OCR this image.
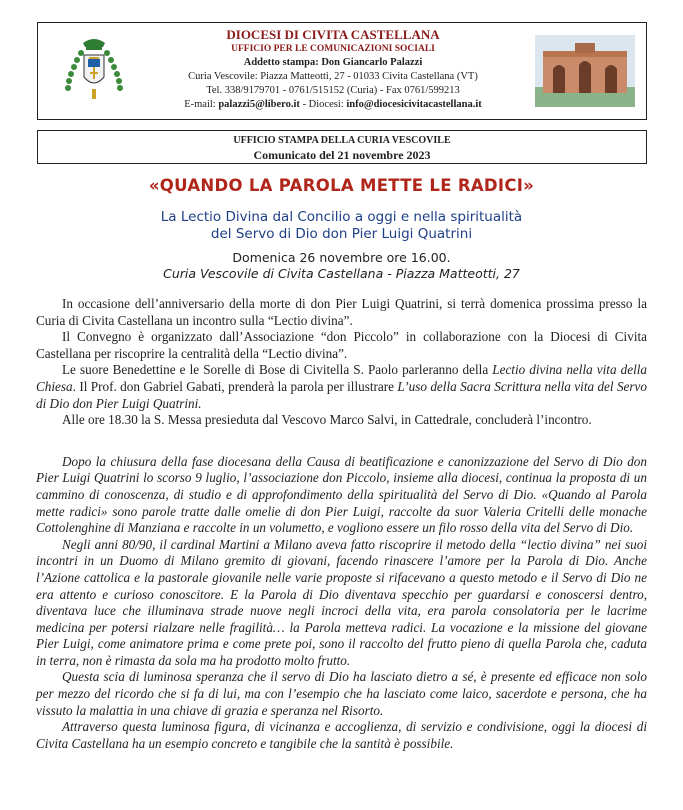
DIOCESI DI CIVITA CASTELLANA
UFFICIO PER LE COMUNICAZIONI SOCIALI
Addetto stampa: Don Giancarlo Palazzi
Curia Vescovile: Piazza Matteotti, 27 - 01033 Civita Castellana (VT)
Tel. 338/9179701 - 0761/515152 (Curia) - Fax 0761/599213
E-mail: palazzi5@libero.it - Diocesi: info@diocesicivitacastellana.it
UFFICIO STAMPA DELLA CURIA VESCOVILE
Comunicato del 21 novembre 2023
«QUANDO LA PAROLA METTE LE RADICI»
La Lectio Divina dal Concilio a oggi e nella spiritualità
del Servo di Dio don Pier Luigi Quatrini
Domenica 26 novembre ore 16.00.
Curia Vescovile di Civita Castellana - Piazza Matteotti, 27

In occasione dell’anniversario della morte di don Pier Luigi Quatrini, si terrà domenica prossima presso la Curia di Civita Castellana un incontro sulla “Lectio divina”.

Il Convegno è organizzato dall’Associazione “don Piccolo” in collaborazione con la Diocesi di Civita Castellana per riscoprire la centralità della “Lectio divina”.

Le suore Benedettine e le Sorelle di Bose di Civitella S. Paolo parleranno della Lectio divina nella vita della Chiesa. Il Prof. don Gabriel Gabati, prenderà la parola per illustrare L’uso della Sacra Scrittura nella vita del Servo di Dio don Pier Luigi Quatrini.

Alle ore 18.30 la S. Messa presieduta dal Vescovo Marco Salvi, in Cattedrale, concluderà l’incontro.

Dopo la chiusura della fase diocesana della Causa di beatificazione e canonizzazione del Servo di Dio don Pier Luigi Quatrini lo scorso 9 luglio, l’associazione don Piccolo, insieme alla diocesi, continua la proposta di un cammino di conoscenza, di studio e di approfondimento della spiritualità del Servo di Dio. «Quando al Parola mette radici» sono parole tratte dalle omelie di don Pier Luigi, raccolte da suor Valeria Critelli delle monache Cottolenghine di Manziana e raccolte in un volumetto, e vogliono essere un filo rosso della vita del Servo di Dio.

Negli anni 80/90, il cardinal Martini a Milano aveva fatto riscoprire il metodo della “lectio divina” nei suoi incontri in un Duomo di Milano gremito di giovani, facendo rinascere l’amore per la Parola di Dio. Anche l’Azione cattolica e la pastorale giovanile nelle varie proposte si rifacevano a questo metodo e il Servo di Dio ne era attento e curioso conoscitore. E la Parola di Dio diventava specchio per guardarsi e conoscersi dentro, diventava luce che illuminava strade nuove negli incroci della vita, era parola consolatoria per le lacrime medicina per potersi rialzare nelle fragilità… la Parola metteva radici. La vocazione e la missione del giovane Pier Luigi, come animatore prima e come prete poi, sono il raccolto del frutto pieno di quella Parola che, caduta in terra, non è rimasta da sola ma ha prodotto molto frutto.

Questa scia di luminosa speranza che il servo di Dio ha lasciato dietro a sé, è presente ed efficace non solo per mezzo del ricordo che si fa di lui, ma con l’esempio che ha lasciato come laico, sacerdote e persona, che ha vissuto la malattia in una chiave di grazia e speranza nel Risorto.

Attraverso questa luminosa figura, di vicinanza e accoglienza, di servizio e condivisione, oggi la diocesi di Civita Castellana ha un esempio concreto e tangibile che la santità è possibile.
